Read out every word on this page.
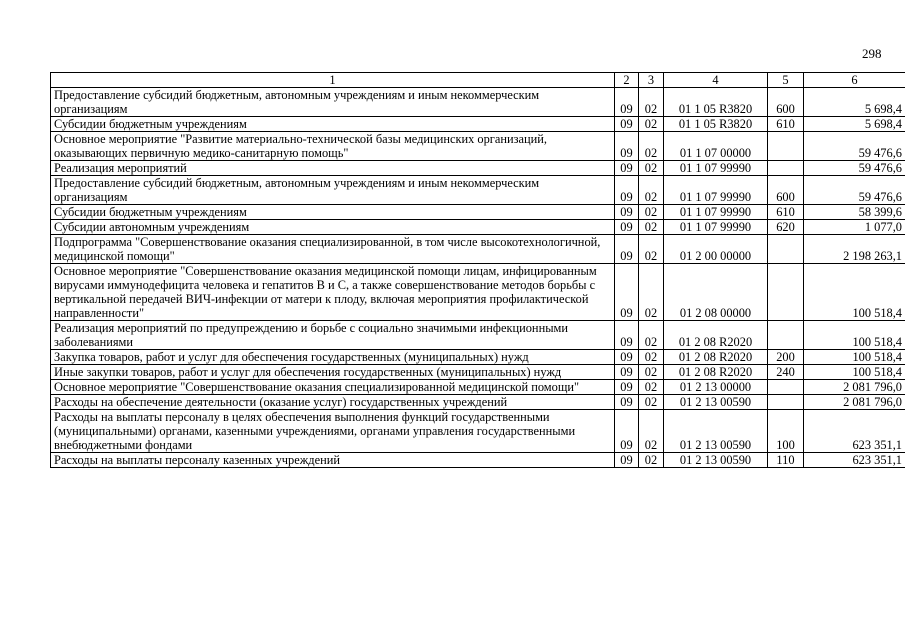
298
1	2	3	4	5	6
Предоставление субсидий бюджетным, автономным учреждениям и иным некоммерческим организациям	09	02	01 1 05 R3820	600	5 698,4
Субсидии бюджетным учреждениям	09	02	01 1 05 R3820	610	5 698,4
Основное мероприятие "Развитие материально-технической базы медицинских организаций, оказывающих первичную медико-санитарную помощь"	09	02	01 1 07 00000		59 476,6
Реализация мероприятий	09	02	01 1 07 99990		59 476,6
Предоставление субсидий бюджетным, автономным учреждениям и иным некоммерческим организациям	09	02	01 1 07 99990	600	59 476,6
Субсидии бюджетным учреждениям	09	02	01 1 07 99990	610	58 399,6
Субсидии автономным учреждениям	09	02	01 1 07 99990	620	1 077,0
Подпрограмма "Совершенствование оказания специализированной, в том числе высокотехнологичной, медицинской помощи"	09	02	01 2 00 00000		2 198 263,1
Основное мероприятие "Совершенствование оказания медицинской помощи лицам, инфицированным вирусами иммунодефицита человека и гепатитов В и С, а также совершенствование методов борьбы с вертикальной передачей ВИЧ-инфекции от матери к плоду, включая мероприятия профилактической направленности"	09	02	01 2 08 00000		100 518,4
Реализация мероприятий по предупреждению и борьбе с социально значимыми инфекционными заболеваниями	09	02	01 2 08 R2020		100 518,4
Закупка товаров, работ и услуг для обеспечения государственных (муниципальных) нужд	09	02	01 2 08 R2020	200	100 518,4
Иные закупки товаров, работ и услуг для обеспечения государственных (муниципальных) нужд	09	02	01 2 08 R2020	240	100 518,4
Основное мероприятие "Совершенствование оказания специализированной медицинской помощи"	09	02	01 2 13 00000		2 081 796,0
Расходы на обеспечение деятельности (оказание услуг) государственных учреждений	09	02	01 2 13 00590		2 081 796,0
Расходы на выплаты персоналу в целях обеспечения выполнения функций государственными (муниципальными) органами, казенными учреждениями, органами управления государственными внебюджетными фондами	09	02	01 2 13 00590	100	623 351,1
Расходы на выплаты персоналу казенных учреждений	09	02	01 2 13 00590	110	623 351,1
